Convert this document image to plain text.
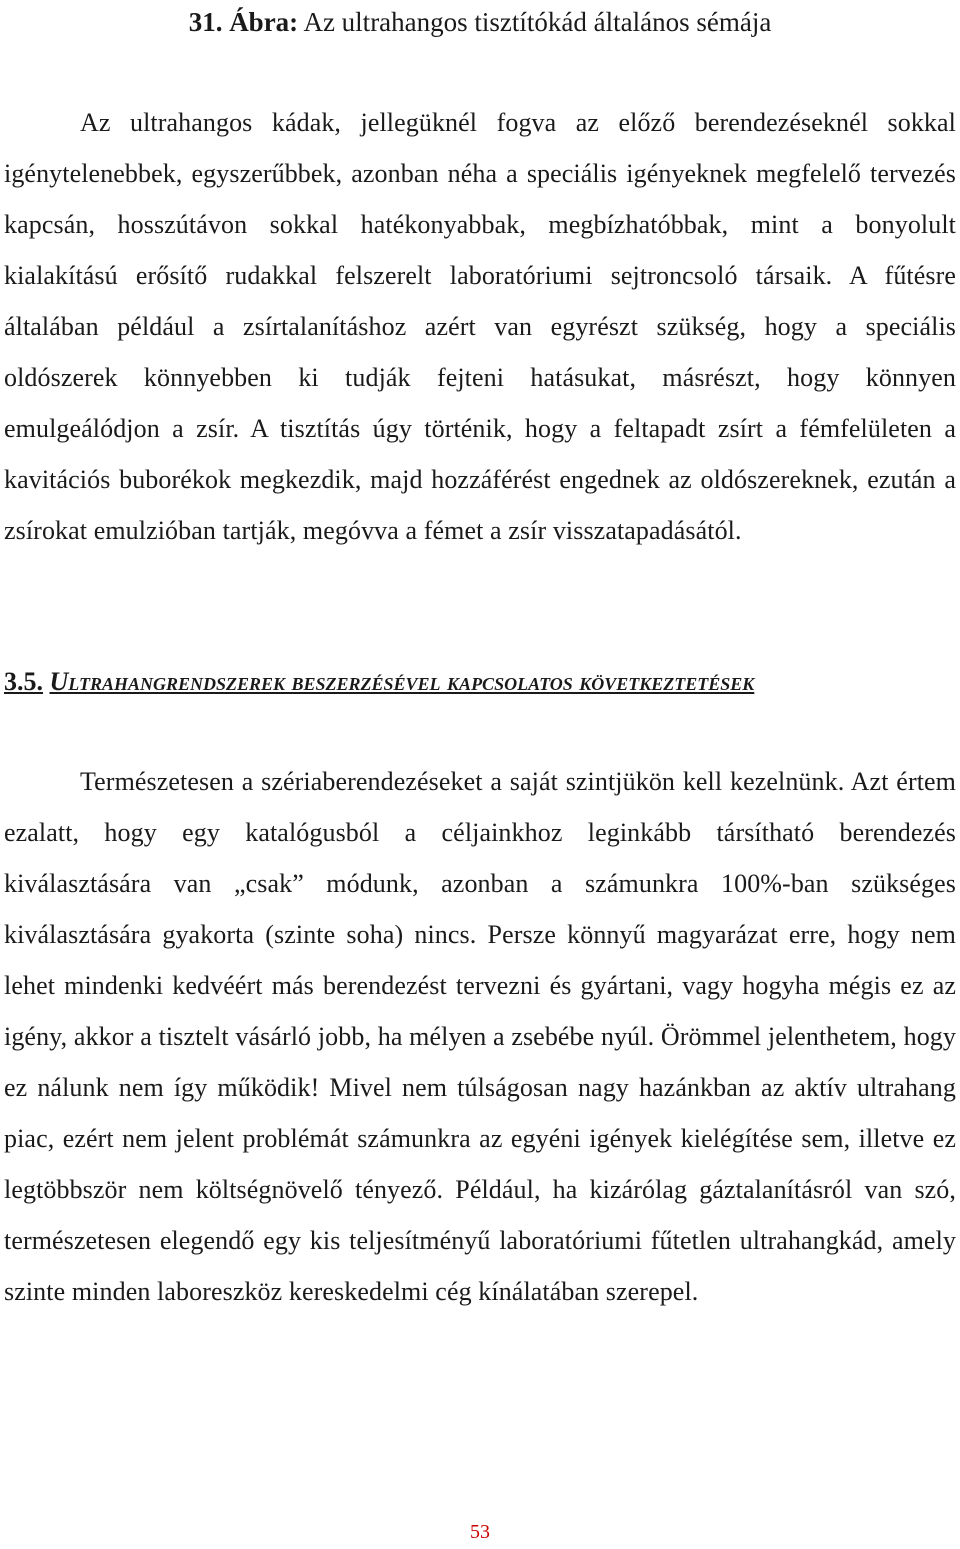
31. Ábra: Az ultrahangos tisztítókád általános sémája

Az ultrahangos kádak, jellegüknél fogva az előző berendezéseknél sokkal igénytelenebbek, egyszerűbbek, azonban néha a speciális igényeknek megfelelő tervezés kapcsán, hosszútávon sokkal hatékonyabbak, megbízhatóbbak, mint a bonyolult kialakítású erősítő rudakkal felszerelt laboratóriumi sejtroncsoló társaik. A fűtésre általában például a zsírtalanításhoz azért van egyrészt szükség, hogy a speciális oldószerek könnyebben ki tudják fejteni hatásukat, másrészt, hogy könnyen emulgeálódjon a zsír. A tisztítás úgy történik, hogy a feltapadt zsírt a fémfelületen a kavitációs buborékok megkezdik, majd hozzáférést engednek az oldószereknek, ezután a zsírokat emulzióban tartják, megóvva a fémet a zsír visszatapadásától.

3.5. Ultrahangrendszerek beszerzésével kapcsolatos következtetések

Természetesen a szériaberendezéseket a saját szintjükön kell kezelnünk. Azt értem ezalatt, hogy egy katalógusból a céljainkhoz leginkább társítható berendezés kiválasztására van „csak” módunk, azonban a számunkra 100%-ban szükséges kiválasztására gyakorta (szinte soha) nincs. Persze könnyű magyarázat erre, hogy nem lehet mindenki kedvéért más berendezést tervezni és gyártani, vagy hogyha mégis ez az igény, akkor a tisztelt vásárló jobb, ha mélyen a zsebébe nyúl. Örömmel jelenthetem, hogy ez nálunk nem így működik! Mivel nem túlságosan nagy hazánkban az aktív ultrahang piac, ezért nem jelent problémát számunkra az egyéni igények kielégítése sem, illetve ez legtöbbször nem költségnövelő tényező. Például, ha kizárólag gáztalanításról van szó, természetesen elegendő egy kis teljesítményű laboratóriumi fűtetlen ultrahangkád, amely szinte minden laboreszköz kereskedelmi cég kínálatában szerepel.

53
